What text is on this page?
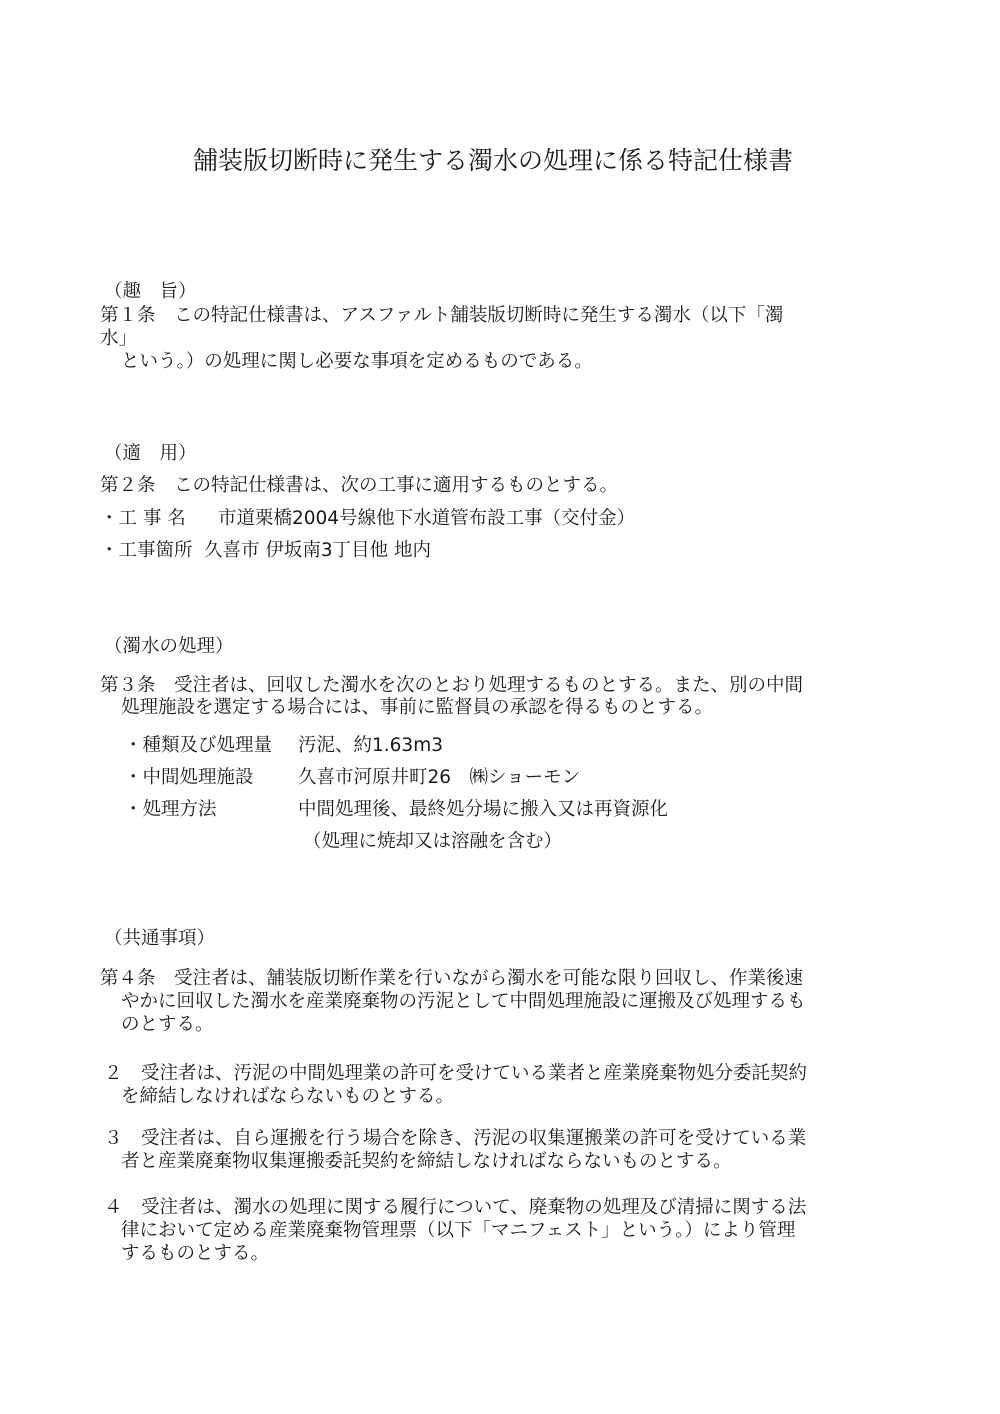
舗装版切断時に発生する濁水の処理に係る特記仕様書
（趣　旨）
第１条　この特記仕様書は、アスファルト舗装版切断時に発生する濁水（以下「濁
水」
という。）の処理に関し必要な事項を定めるものである。
（適　用）
第２条　この特記仕様書は、次の工事に適用するものとする。
・工 事 名 市道栗橋2004号線他下水道管布設工事（交付金）
・工事箇所 久喜市 伊坂南3丁目他 地内
（濁水の処理）
第３条　受注者は、回収した濁水を次のとおり処理するものとする。また、別の中間
処理施設を選定する場合には、事前に監督員の承認を得るものとする。
・種類及び処理量 汚泥、約1.63m3
・中間処理施設 久喜市河原井町26　㈱ショーモン
・処理方法	中間処理後、最終処分場に搬入又は再資源化
（処理に焼却又は溶融を含む）
（共通事項）
第４条　受注者は、舗装版切断作業を行いながら濁水を可能な限り回収し、作業後速
やかに回収した濁水を産業廃棄物の汚泥として中間処理施設に運搬及び処理するも
のとする。
２　受注者は、汚泥の中間処理業の許可を受けている業者と産業廃棄物処分委託契約
を締結しなければならないものとする。
３　受注者は、自ら運搬を行う場合を除き、汚泥の収集運搬業の許可を受けている業
者と産業廃棄物収集運搬委託契約を締結しなければならないものとする。
４　受注者は、濁水の処理に関する履行について、廃棄物の処理及び清掃に関する法
律において定める産業廃棄物管理票（以下「マニフェスト」という。）により管理
するものとする。
